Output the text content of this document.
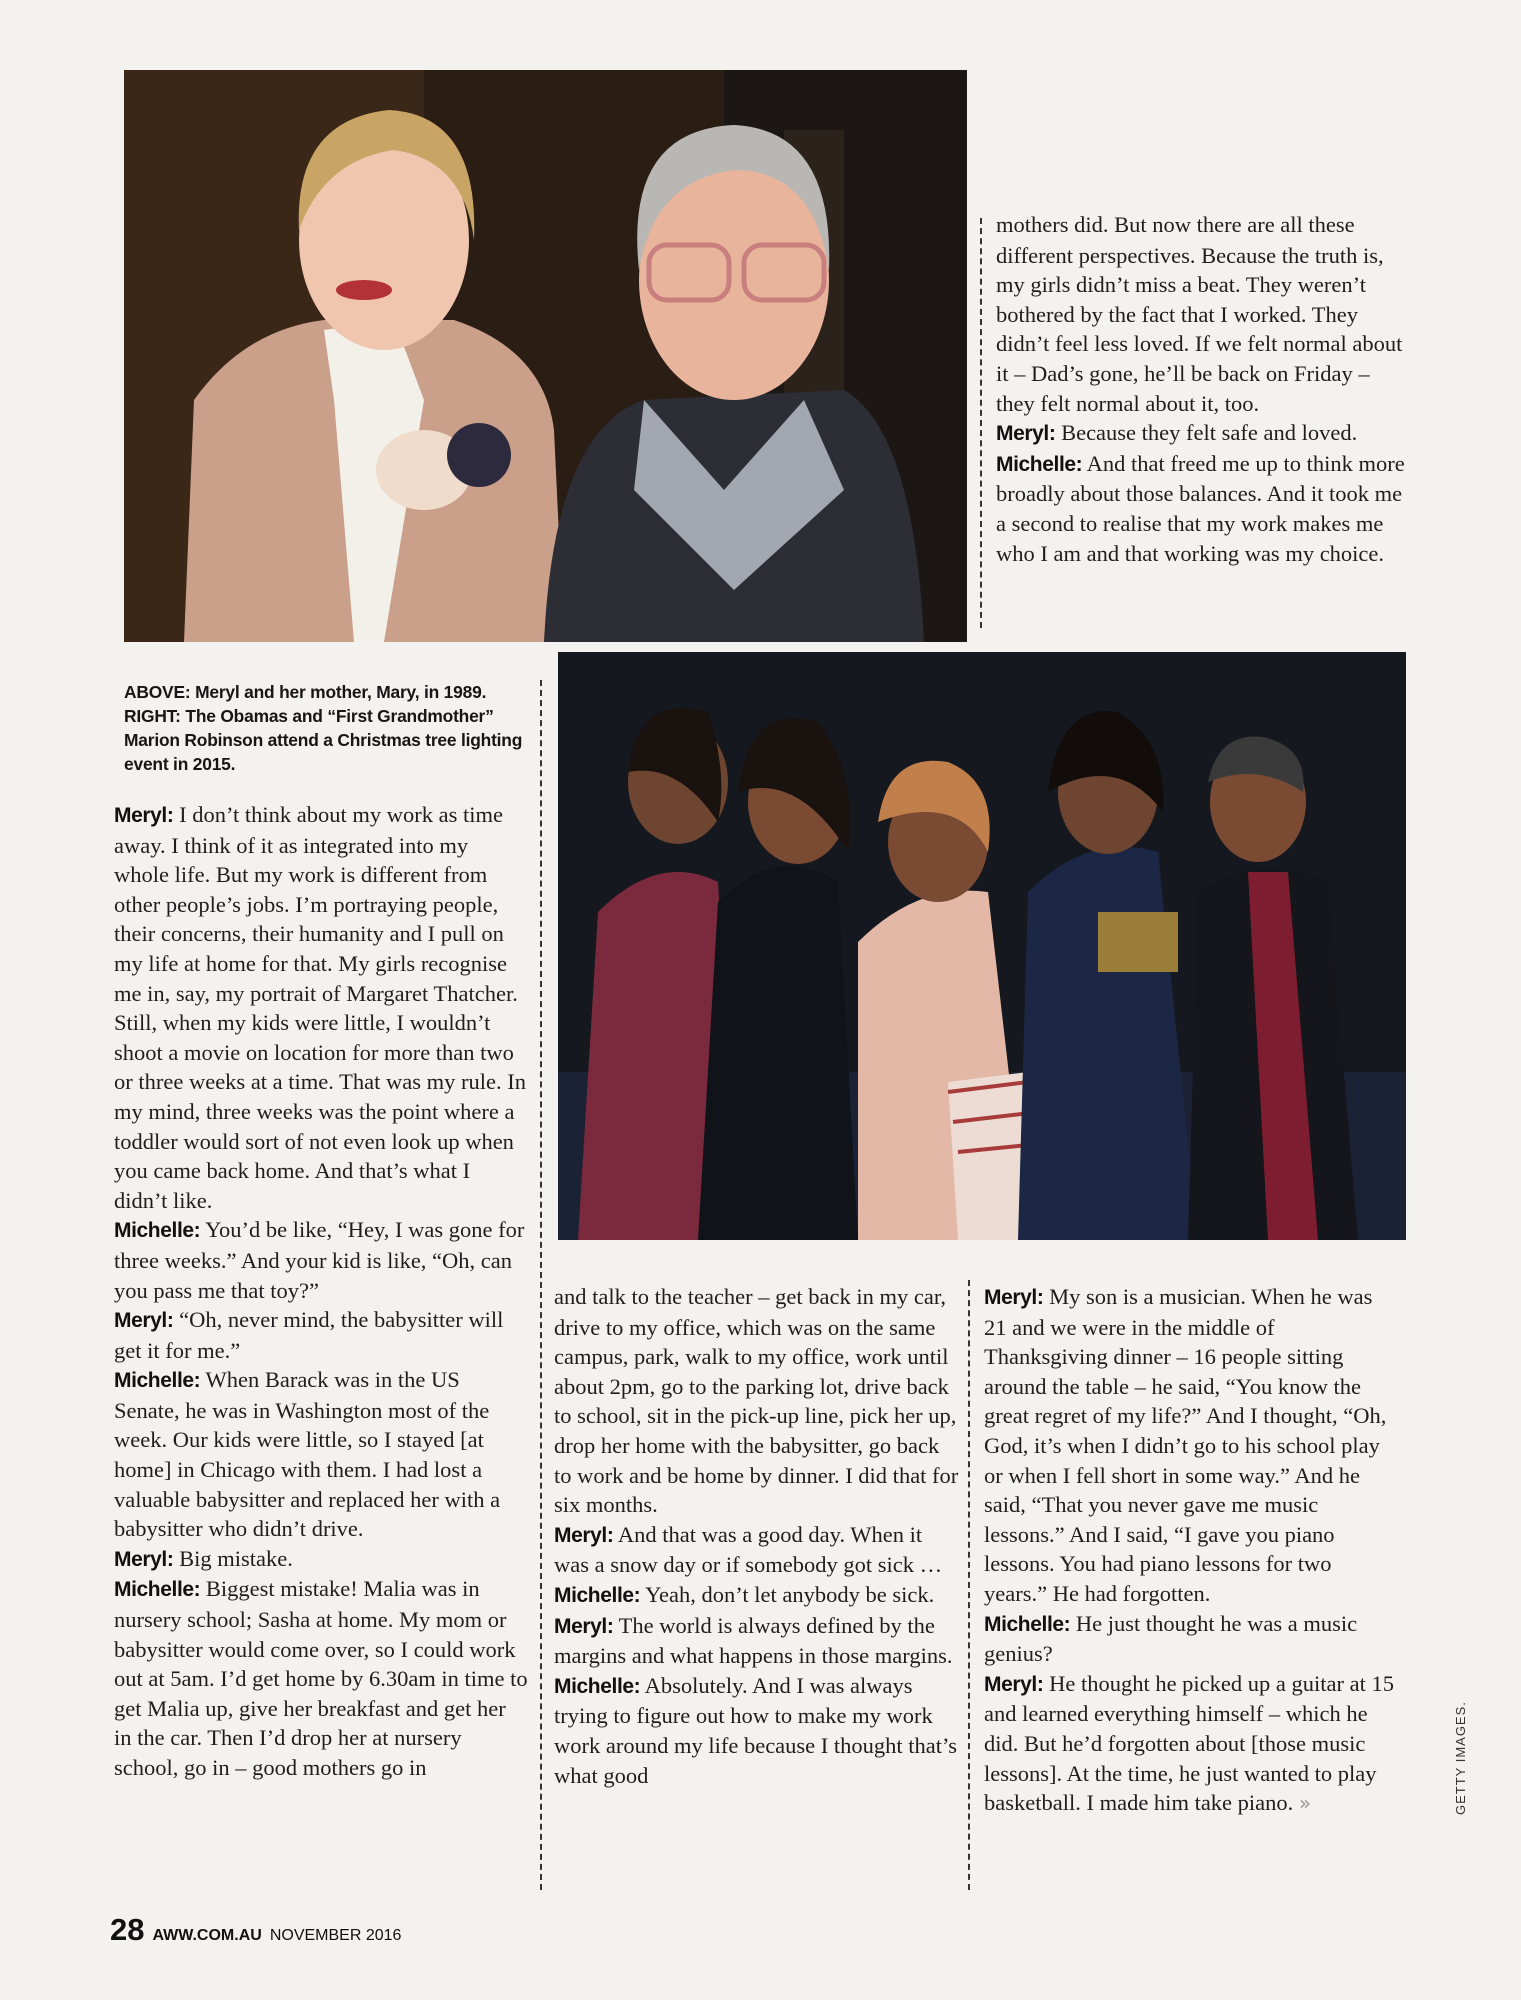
ABOVE: Meryl and her mother, Mary, in 1989. RIGHT: The Obamas and “First Grandmother” Marion Robinson attend a Christmas tree lighting event in 2015.

mothers did. But now there are all these different perspectives. Because the truth is, my girls didn’t miss a beat. They weren’t bothered by the fact that I worked. They didn’t feel less loved. If we felt normal about it – Dad’s gone, he’ll be back on Friday – they felt normal about it, too.

Meryl: Because they felt safe and loved.

Michelle: And that freed me up to think more broadly about those balances. And it took me a second to realise that my work makes me who I am and that working was my choice.

Meryl: I don’t think about my work as time away. I think of it as integrated into my whole life. But my work is different from other people’s jobs. I’m portraying people, their concerns, their humanity and I pull on my life at home for that. My girls recognise me in, say, my portrait of Margaret Thatcher. Still, when my kids were little, I wouldn’t shoot a movie on location for more than two or three weeks at a time. That was my rule. In my mind, three weeks was the point where a toddler would sort of not even look up when you came back home. And that’s what I didn’t like.

Michelle: You’d be like, “Hey, I was gone for three weeks.” And your kid is like, “Oh, can you pass me that toy?”

Meryl: “Oh, never mind, the babysitter will get it for me.”

Michelle: When Barack was in the US Senate, he was in Washington most of the week. Our kids were little, so I stayed [at home] in Chicago with them. I had lost a valuable babysitter and replaced her with a babysitter who didn’t drive.

Meryl: Big mistake.

Michelle: Biggest mistake! Malia was in nursery school; Sasha at home. My mom or babysitter would come over, so I could work out at 5am. I’d get home by 6.30am in time to get Malia up, give her breakfast and get her in the car. Then I’d drop her at nursery school, go in – good mothers go in

and talk to the teacher – get back in my car, drive to my office, which was on the same campus, park, walk to my office, work until about 2pm, go to the parking lot, drive back to school, sit in the pick-up line, pick her up, drop her home with the babysitter, go back to work and be home by dinner. I did that for six months.

Meryl: And that was a good day. When it was a snow day or if somebody got sick …

Michelle: Yeah, don’t let anybody be sick.

Meryl: The world is always defined by the margins and what happens in those margins.

Michelle: Absolutely. And I was always trying to figure out how to make my work work around my life because I thought that’s what good

Meryl: My son is a musician. When he was 21 and we were in the middle of Thanksgiving dinner – 16 people sitting around the table – he said, “You know the great regret of my life?” And I thought, “Oh, God, it’s when I didn’t go to his school play or when I fell short in some way.” And he said, “That you never gave me music lessons.” And I said, “I gave you piano lessons. You had piano lessons for two years.” He had forgotten.

Michelle: He just thought he was a music genius?

Meryl: He thought he picked up a guitar at 15 and learned everything himself – which he did. But he’d forgotten about [those music lessons]. At the time, he just wanted to play basketball. I made him take piano. »

28 AWW.COM.AU NOVEMBER 2016
GETTY IMAGES.
